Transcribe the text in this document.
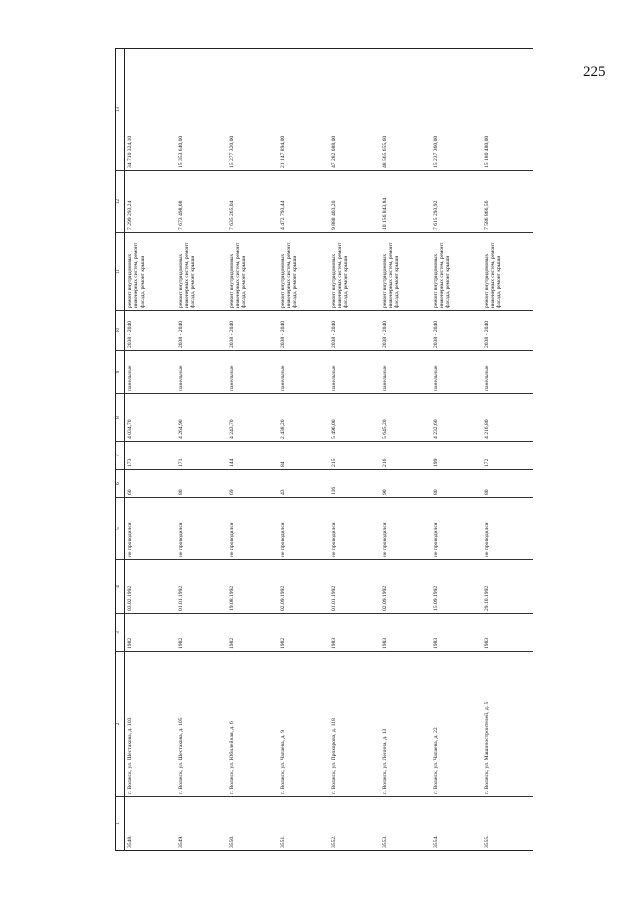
225
1	2	3	4	5	6	7	8	9	10	11	12	13
3548.	г. Волжск, ул. Шестакова, д. 103	1982	03.02.1992	не проводился	60	173	4 034,70	панельные	2038 - 2040	ремонт внутридомовых инженерных систем, ремонт фасада, ремонт крыши	7 299 293,24	34 710 324,10
3549.	г. Волжск, ул. Шестакова, д. 105	1982	01.01.1992	не проводился	80	171	4 264,90	панельные	2038 - 2040	ремонт внутридомовых инженерных систем, ремонт фасада, ремонт крыши	7 673 498,08	15 353 640,00
3550.	г. Волжск, ул. Юбилейная, д. 6	1982	19.08.1992	не проводился	69	144	4 243,70	панельные	2038 - 2040	ремонт внутридомовых инженерных систем, ремонт фасада, ремонт крыши	7 635 265,04	15 277 320,00
3551.	г. Волжск, ул. Чапаева, д. 9	1982	02.09.1992	не проводился	43	84	2 438,20	панельные	2038 - 2040	ремонт внутридомовых инженерных систем, ремонт фасада, ремонт крыши	4 472 793,44	21 147 894,00
3552.	г. Волжск, ул. Прохорова, д. 118	1983	01.01.1992	не проводился	116	215	5 496,00	панельные	2038 - 2040	ремонт внутридомовых инженерных систем, ремонт фасада, ремонт крыши	9 888 403,20	47 282 088,00
3553.	г. Волжск, ул. Ленина, д. 13	1983	02.09.1992	не проводился	90	216	5 645,20	панельные	2038 - 2040	ремонт внутридомовых инженерных систем, ремонт фасада, ремонт крыши	10 156 843,84	48 565 655,60
3554.	г. Волжск, ул. Чапаева, д. 22	1983	15.09.1992	не проводился	80	199	4 232,60	панельные	2038 - 2040	ремонт внутридомовых инженерных систем, ремонт фасада, ремонт крыши	7 615 293,92	15 237 360,00
3555.	г. Волжск, ул. Машиностроителей, д. 5	1983	29.10.1992	не проводился	80	172	4 216,80	панельные	2038 - 2040	ремонт внутридомовых инженерных систем, ремонт фасада, ремонт крыши	7 586 866,56	15 180 480,00
